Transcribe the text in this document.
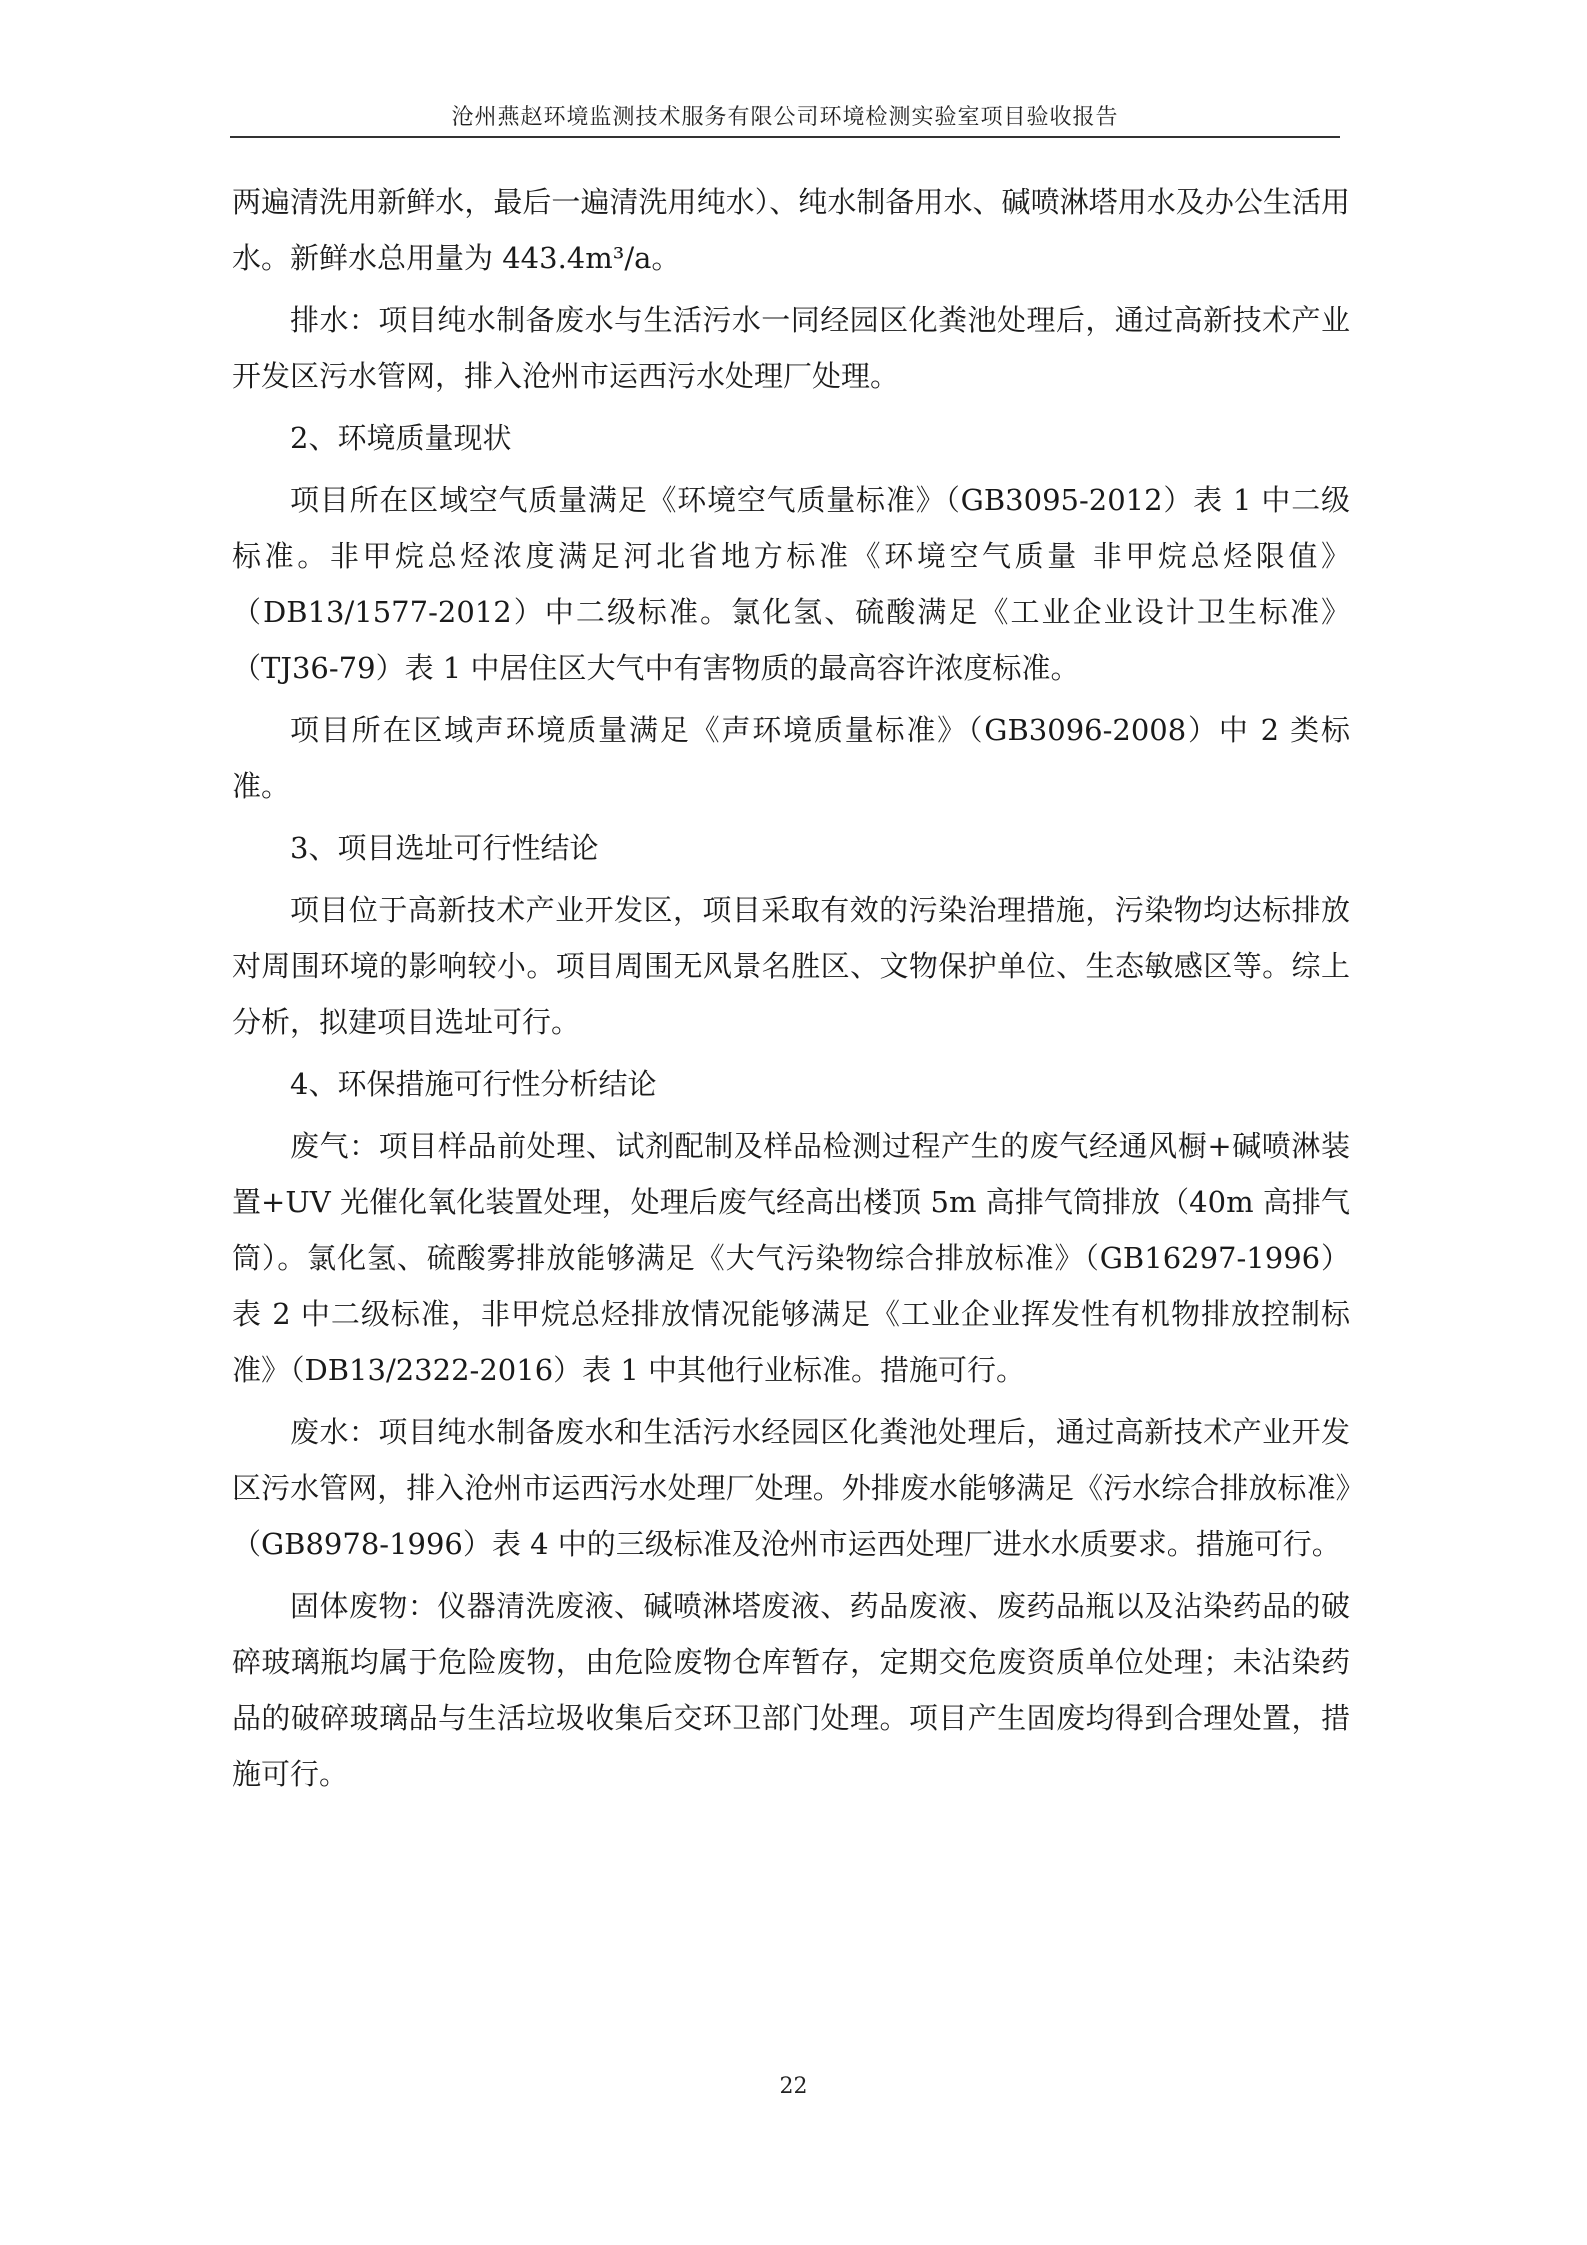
沧州燕赵环境监测技术服务有限公司环境检测实验室项目验收报告

两遍清洗用新鲜水，最后一遍清洗用纯水）、纯水制备用水、碱喷淋塔用水及办公生活用水。新鲜水总用量为 443.4m³/a。

排水：项目纯水制备废水与生活污水一同经园区化粪池处理后，通过高新技术产业开发区污水管网，排入沧州市运西污水处理厂处理。

2、环境质量现状

项目所在区域空气质量满足《环境空气质量标准》（GB3095-2012）表 1 中二级标准。非甲烷总烃浓度满足河北省地方标准《环境空气质量 非甲烷总烃限值》（DB13/1577-2012）中二级标准。氯化氢、硫酸满足《工业企业设计卫生标准》（TJ36-79）表 1 中居住区大气中有害物质的最高容许浓度标准。

项目所在区域声环境质量满足《声环境质量标准》（GB3096-2008）中 2 类标准。

3、项目选址可行性结论

项目位于高新技术产业开发区，项目采取有效的污染治理措施，污染物均达标排放对周围环境的影响较小。项目周围无风景名胜区、文物保护单位、生态敏感区等。综上分析，拟建项目选址可行。

4、环保措施可行性分析结论

废气：项目样品前处理、试剂配制及样品检测过程产生的废气经通风橱+碱喷淋装置+UV 光催化氧化装置处理，处理后废气经高出楼顶 5m 高排气筒排放（40m 高排气筒）。氯化氢、硫酸雾排放能够满足《大气污染物综合排放标准》（GB16297-1996）表 2 中二级标准，非甲烷总烃排放情况能够满足《工业企业挥发性有机物排放控制标准》（DB13/2322-2016）表 1 中其他行业标准。措施可行。

废水：项目纯水制备废水和生活污水经园区化粪池处理后，通过高新技术产业开发区污水管网，排入沧州市运西污水处理厂处理。外排废水能够满足《污水综合排放标准》（GB8978-1996）表 4 中的三级标准及沧州市运西处理厂进水水质要求。措施可行。

固体废物：仪器清洗废液、碱喷淋塔废液、药品废液、废药品瓶以及沾染药品的破碎玻璃瓶均属于危险废物，由危险废物仓库暂存，定期交危废资质单位处理；未沾染药品的破碎玻璃品与生活垃圾收集后交环卫部门处理。项目产生固废均得到合理处置，措施可行。

22
